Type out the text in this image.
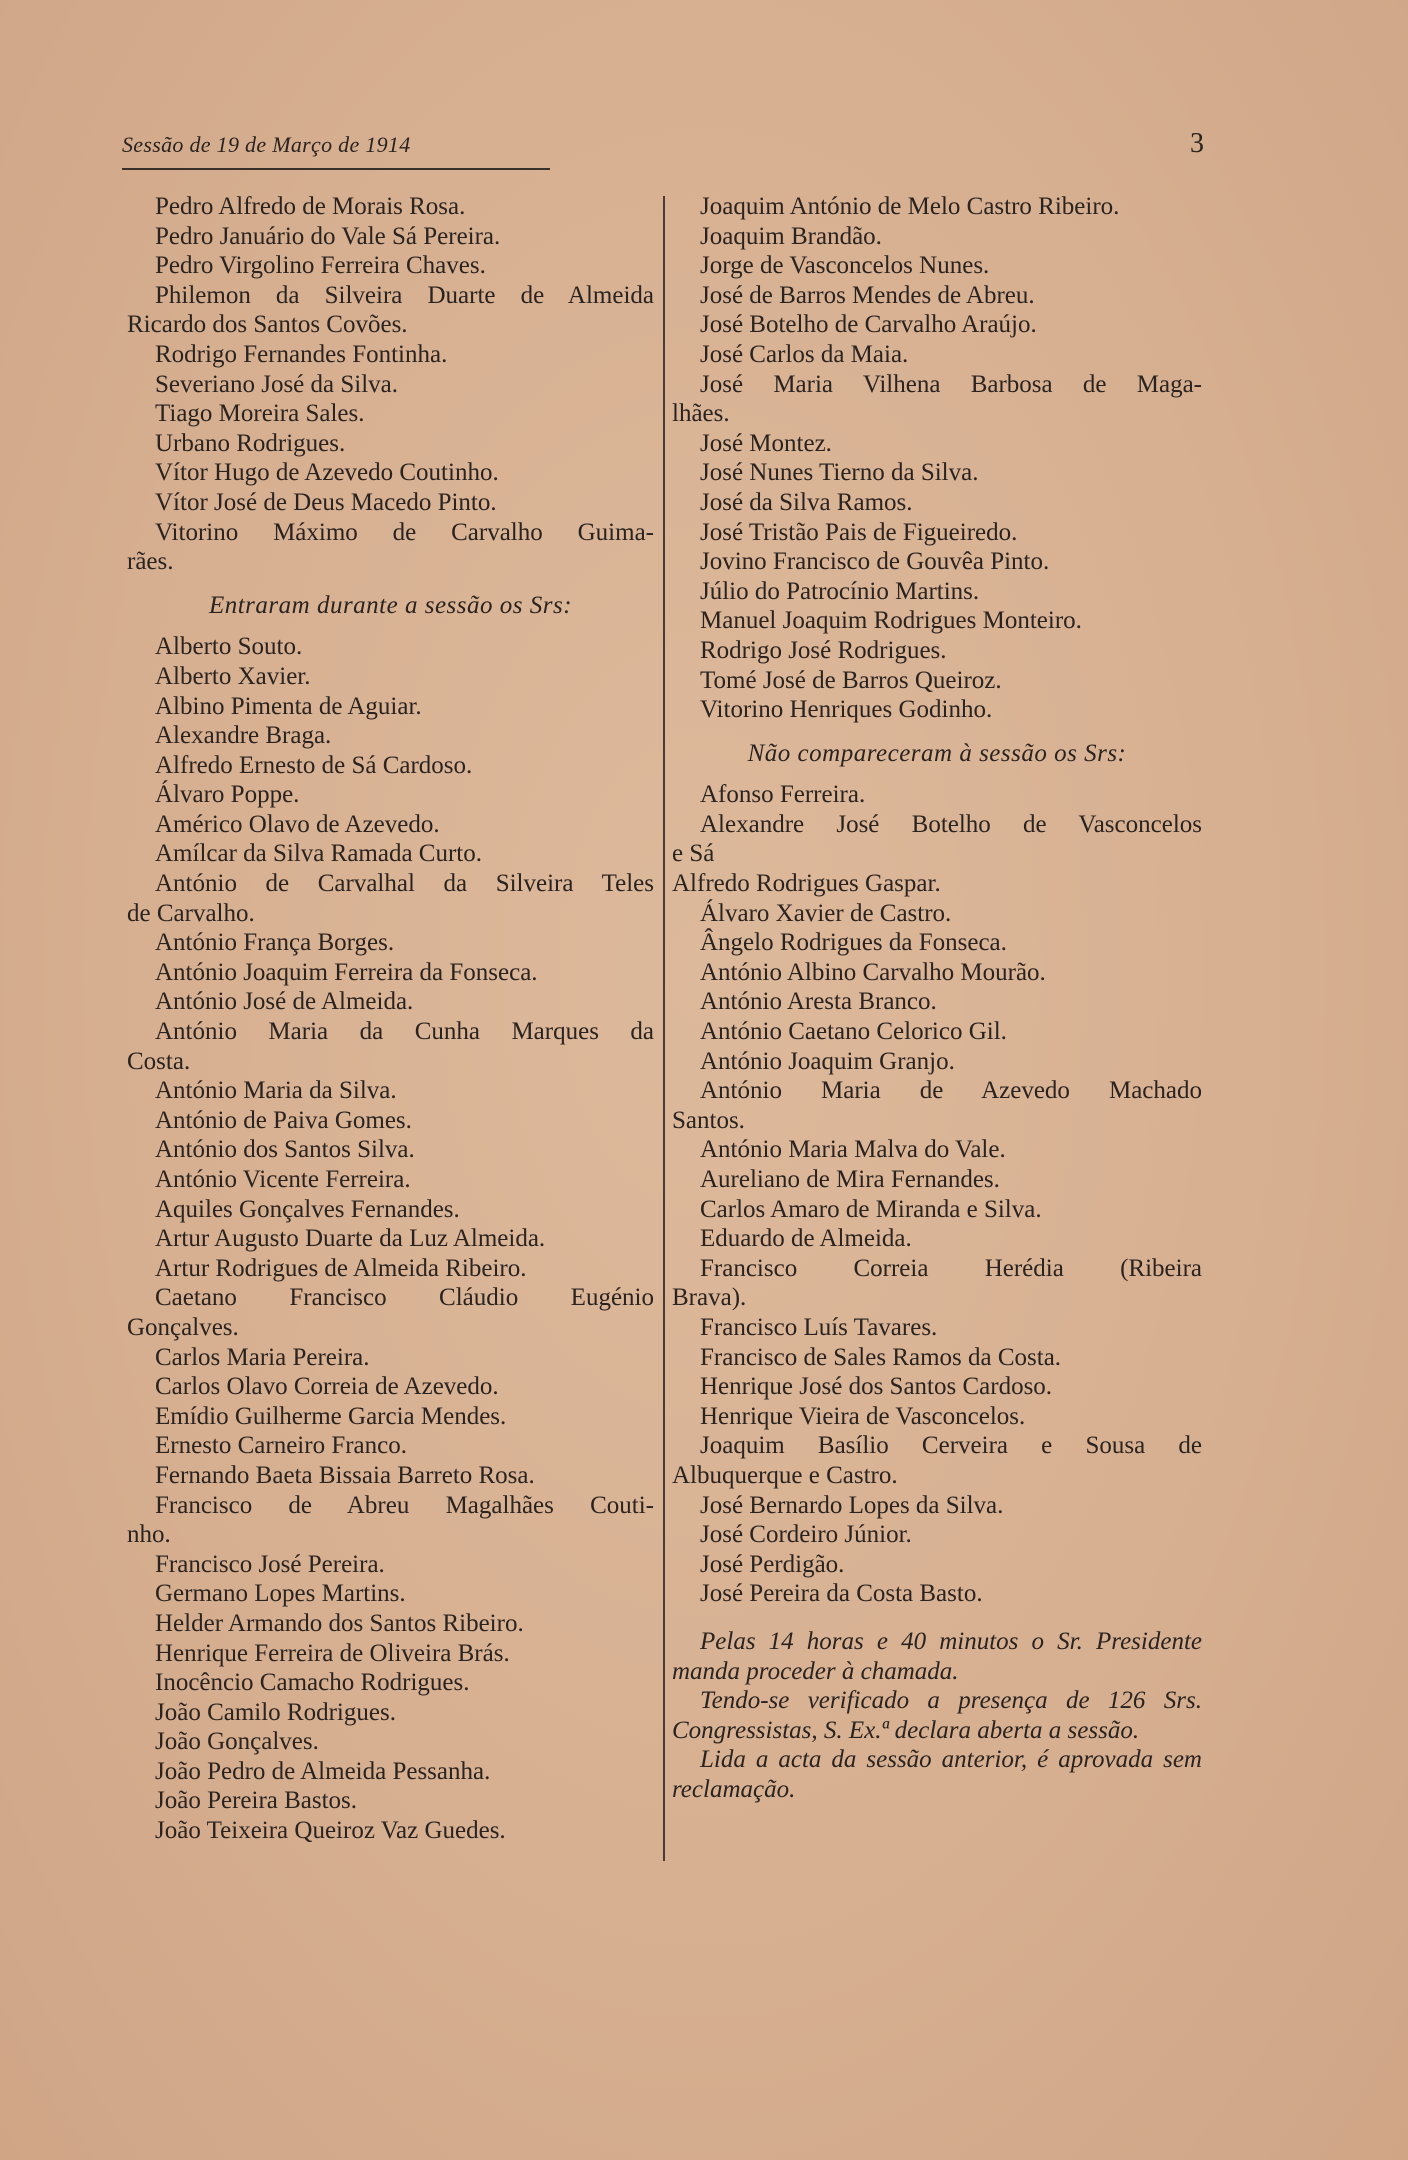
Sessão de 19 de Março de 1914	3
Pedro Alfredo de Morais Rosa.
Pedro Januário do Vale Sá Pereira.
Pedro Virgolino Ferreira Chaves.
Philemon da Silveira Duarte de Almeida
Ricardo dos Santos Covões.
Rodrigo Fernandes Fontinha.
Severiano José da Silva.
Tiago Moreira Sales.
Urbano Rodrigues.
Vítor Hugo de Azevedo Coutinho.
Vítor José de Deus Macedo Pinto.
Vitorino Máximo de Carvalho Guima-
rães.
Entraram durante a sessão os Srs:
Alberto Souto.
Alberto Xavier.
Albino Pimenta de Aguiar.
Alexandre Braga.
Alfredo Ernesto de Sá Cardoso.
Álvaro Poppe.
Américo Olavo de Azevedo.
Amílcar da Silva Ramada Curto.
António de Carvalhal da Silveira Teles
de Carvalho.
António França Borges.
António Joaquim Ferreira da Fonseca.
António José de Almeida.
António Maria da Cunha Marques da
Costa.
António Maria da Silva.
António de Paiva Gomes.
António dos Santos Silva.
António Vicente Ferreira.
Aquiles Gonçalves Fernandes.
Artur Augusto Duarte da Luz Almeida.
Artur Rodrigues de Almeida Ribeiro.
Caetano Francisco Cláudio Eugénio
Gonçalves.
Carlos Maria Pereira.
Carlos Olavo Correia de Azevedo.
Emídio Guilherme Garcia Mendes.
Ernesto Carneiro Franco.
Fernando Baeta Bissaia Barreto Rosa.
Francisco de Abreu Magalhães Couti-
nho.
Francisco José Pereira.
Germano Lopes Martins.
Helder Armando dos Santos Ribeiro.
Henrique Ferreira de Oliveira Brás.
Inocêncio Camacho Rodrigues.
João Camilo Rodrigues.
João Gonçalves.
João Pedro de Almeida Pessanha.
João Pereira Bastos.
João Teixeira Queiroz Vaz Guedes.
Joaquim António de Melo Castro Ribeiro.
Joaquim Brandão.
Jorge de Vasconcelos Nunes.
José de Barros Mendes de Abreu.
José Botelho de Carvalho Araújo.
José Carlos da Maia.
José Maria Vilhena Barbosa de Maga-
lhães.
José Montez.
José Nunes Tierno da Silva.
José da Silva Ramos.
José Tristão Pais de Figueiredo.
Jovino Francisco de Gouvêa Pinto.
Júlio do Patrocínio Martins.
Manuel Joaquim Rodrigues Monteiro.
Rodrigo José Rodrigues.
Tomé José de Barros Queiroz.
Vitorino Henriques Godinho.
Não compareceram à sessão os Srs:
Afonso Ferreira.
Alexandre José Botelho de Vasconcelos
e Sá
Alfredo Rodrigues Gaspar.
Álvaro Xavier de Castro.
Ângelo Rodrigues da Fonseca.
António Albino Carvalho Mourão.
António Aresta Branco.
António Caetano Celorico Gil.
António Joaquim Granjo.
António Maria de Azevedo Machado
Santos.
António Maria Malva do Vale.
Aureliano de Mira Fernandes.
Carlos Amaro de Miranda e Silva.
Eduardo de Almeida.
Francisco Correia Herédia (Ribeira
Brava).
Francisco Luís Tavares.
Francisco de Sales Ramos da Costa.
Henrique José dos Santos Cardoso.
Henrique Vieira de Vasconcelos.
Joaquim Basílio Cerveira e Sousa de
Albuquerque e Castro.
José Bernardo Lopes da Silva.
José Cordeiro Júnior.
José Perdigão.
José Pereira da Costa Basto.

Pelas 14 horas e 40 minutos o Sr. Presidente manda proceder à chamada.

Tendo-se verificado a presença de 126 Srs. Congressistas, S. Ex.ª declara aberta a sessão.

Lida a acta da sessão anterior, é aprovada sem reclamação.
